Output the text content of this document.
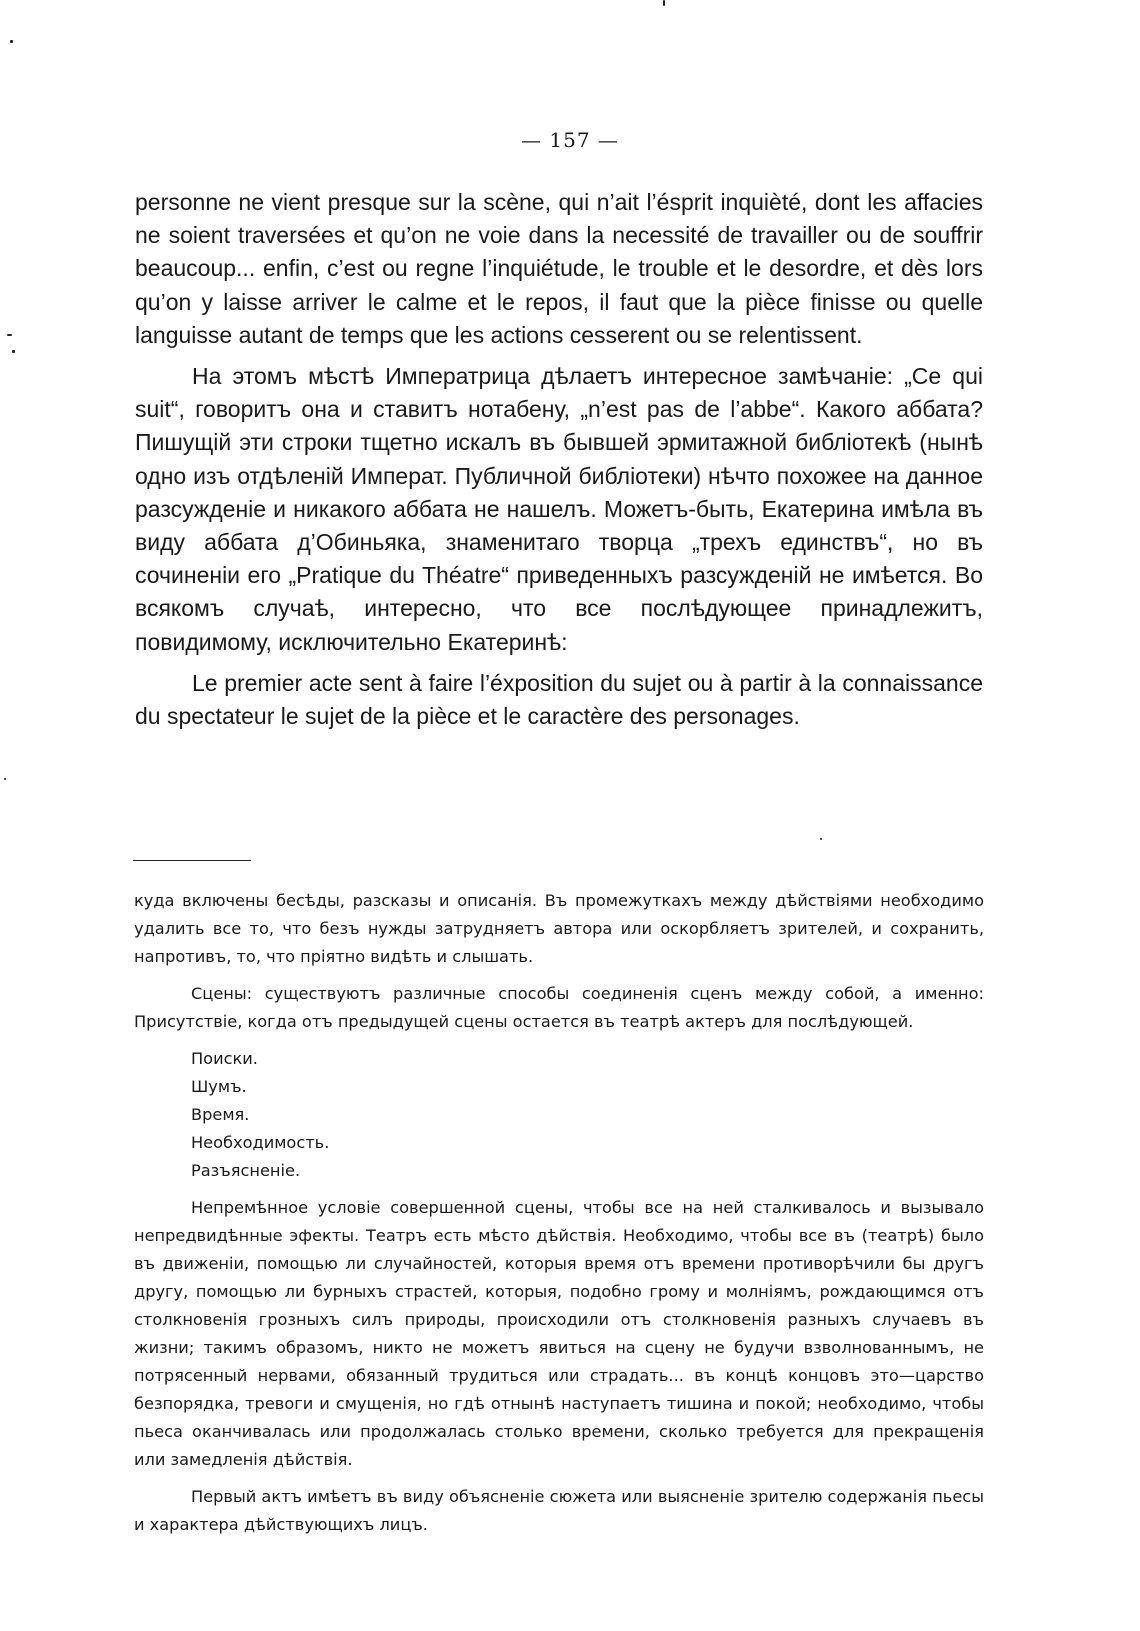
— 157 —

personne ne vient presque sur la scène, qui n’ait l’ésprit inquièté, dont les affacies ne soient traversées et qu’on ne voie dans la necessité de travailler ou de souffrir beaucoup... enfin, c’est ou regne l’inquiétude, le trouble et le desordre, et dès lors qu’on y laisse arriver le calme et le repos, il faut que la pièce finisse ou quelle languisse autant de temps que les actions cesserent ou se relentissent.

На этомъ мѣстѣ Императрица дѣлаетъ интересное замѣчаніе: „Ce qui suit“, говоритъ она и ставитъ нотабену, „n’est pas de l’abbe“. Какого аббата? Пишущій эти строки тщетно искалъ въ бывшей эрмитажной библіотекѣ (нынѣ одно изъ отдѣленій Императ. Публичной библіотеки) нѣчто похожее на данное разсужденіе и никакого аббата не нашелъ. Можетъ-быть, Екатерина имѣла въ виду аббата д’Обиньяка, знаменитаго творца „трехъ единствъ“, но въ сочиненіи его „Pratique du Théatre“ приведенныхъ разсужденій не имѣется. Во всякомъ случаѣ, интересно, что все послѣдующее принадлежитъ, повидимому, исключительно Екатеринѣ:

Le premier acte sent à faire l’éxposition du sujet ou à partir à la connaissance du spectateur le sujet de la pièce et le caractère des personages.

куда включены бесѣды, разсказы и описанія. Въ промежуткахъ между дѣйствіями необходимо удалить все то, что безъ нужды затрудняетъ автора или оскорбляетъ зрителей, и сохранить, напротивъ, то, что пріятно видѣть и слышать.

Сцены: существуютъ различные способы соединенія сценъ между собой, а именно: Присутствіе, когда отъ предыдущей сцены остается въ театрѣ актеръ для послѣдующей.

Поиски.
Шумъ.
Время.
Необходимость.
Разъясненіе.

Непремѣнное условіе совершенной сцены, чтобы все на ней сталкивалось и вызывало непредвидѣнные эфекты. Театръ есть мѣсто дѣйствія. Необходимо, чтобы все въ (театрѣ) было въ движеніи, помощью ли случайностей, которыя время отъ времени противорѣчили бы другъ другу, помощью ли бурныхъ страстей, которыя, подобно грому и молніямъ, рождающимся отъ столкновенія грозныхъ силъ природы, происходили отъ столкновенія разныхъ случаевъ въ жизни; такимъ образомъ, никто не можетъ явиться на сцену не будучи взволнованнымъ, не потрясенный нервами, обязанный трудиться или страдать... въ концѣ концовъ это—царство безпорядка, тревоги и смущенія, но гдѣ отнынѣ наступаетъ тишина и покой; необходимо, чтобы пьеса оканчивалась или продолжалась столько времени, сколько требуется для прекращенія или замедленія дѣйствія.

Первый актъ имѣетъ въ виду объясненіе сюжета или выясненіе зрителю содержанія пьесы и характера дѣйствующихъ лицъ.
